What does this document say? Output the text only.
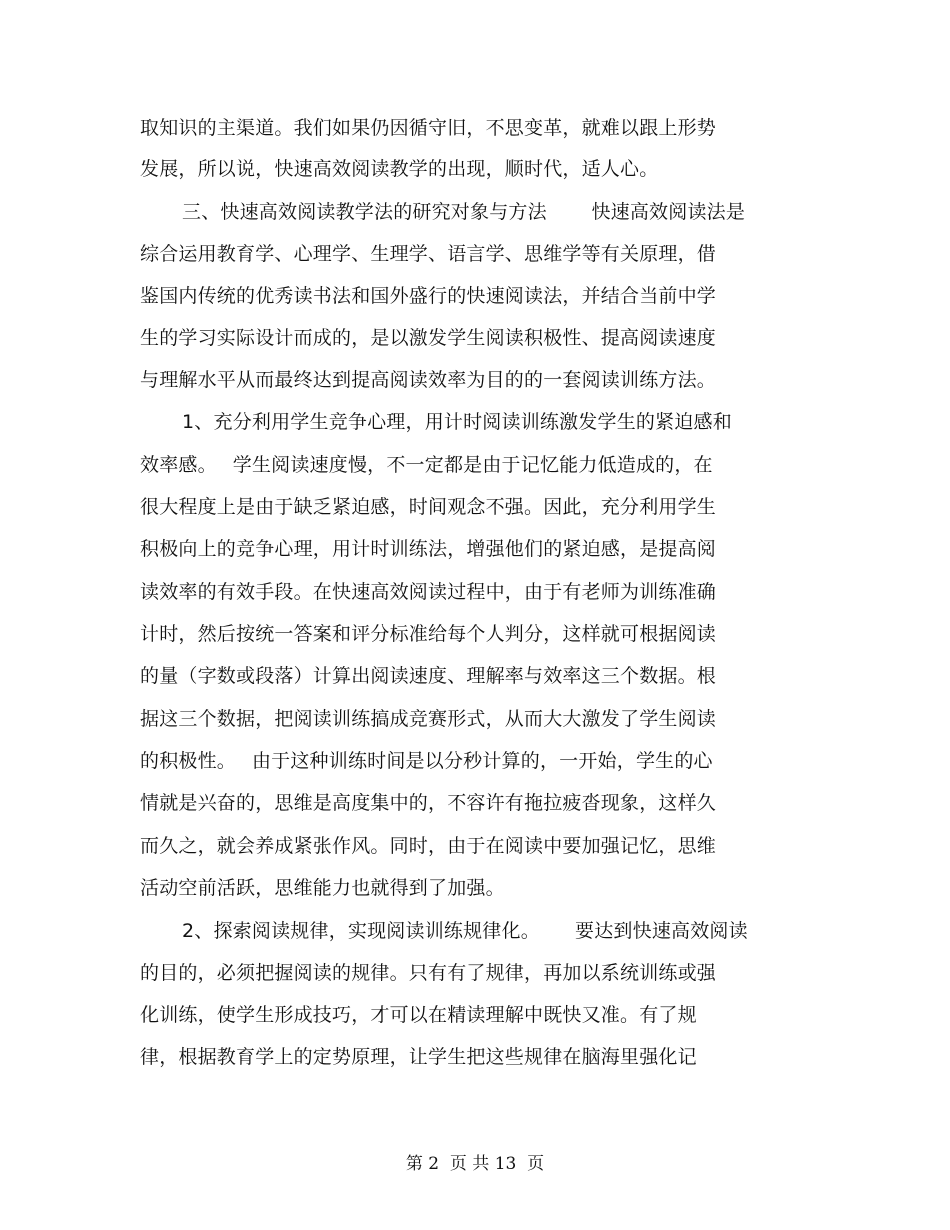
取知识的主渠道。我们如果仍因循守旧，不思变革，就难以跟上形势
发展，所以说，快速高效阅读教学的出现，顺时代，适人心。
三、快速高效阅读教学法的研究对象与方法　　 快速高效阅读法是
综合运用教育学、心理学、生理学、语言学、思维学等有关原理，借
鉴国内传统的优秀读书法和国外盛行的快速阅读法，并结合当前中学
生的学习实际设计而成的，是以激发学生阅读积极性、提高阅读速度
与理解水平从而最终达到提高阅读效率为目的的一套阅读训练方法。
1、充分利用学生竞争心理，用计时阅读训练激发学生的紧迫感和
效率感。　 学生阅读速度慢，不一定都是由于记忆能力低造成的，在
很大程度上是由于缺乏紧迫感，时间观念不强。因此，充分利用学生
积极向上的竞争心理，用计时训练法，增强他们的紧迫感，是提高阅
读效率的有效手段。在快速高效阅读过程中，由于有老师为训练准确
计时，然后按统一答案和评分标准给每个人判分，这样就可根据阅读
的量（字数或段落）计算出阅读速度、理解率与效率这三个数据。根
据这三个数据，把阅读训练搞成竞赛形式，从而大大激发了学生阅读
的积极性。　 由于这种训练时间是以分秒计算的，一开始，学生的心
情就是兴奋的，思维是高度集中的，不容许有拖拉疲沓现象，这样久
而久之，就会养成紧张作风。同时，由于在阅读中要加强记忆，思维
活动空前活跃，思维能力也就得到了加强。
2、探索阅读规律，实现阅读训练规律化。　　 要达到快速高效阅读
的目的，必须把握阅读的规律。只有有了规律，再加以系统训练或强
化训练，使学生形成技巧，才可以在精读理解中既快又准。有了规
律，根据教育学上的定势原理，让学生把这些规律在脑海里强化记
第 2  页 共 13  页
